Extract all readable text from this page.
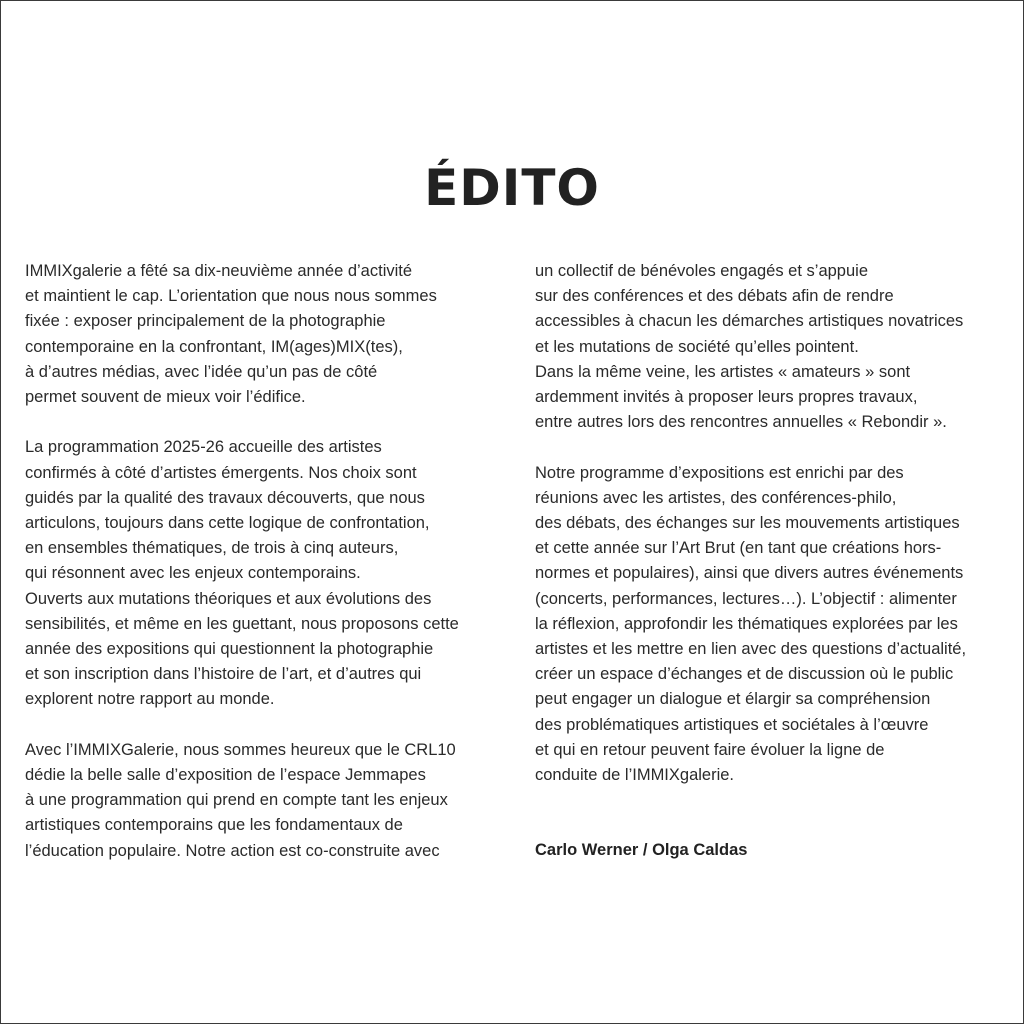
ÉDITO
IMMIXgalerie a fêté sa dix-neuvième année d’activité
et maintient le cap. L’orientation que nous nous sommes
fixée : exposer principalement de la photographie
contemporaine en la confrontant, IM(ages)MIX(tes),
à d’autres médias, avec l’idée qu’un pas de côté
permet souvent de mieux voir l’édifice.
La programmation 2025-26 accueille des artistes
confirmés à côté d’artistes émergents. Nos choix sont
guidés par la qualité des travaux découverts, que nous
articulons, toujours dans cette logique de confrontation,
en ensembles thématiques, de trois à cinq auteurs,
qui résonnent avec les enjeux contemporains.
Ouverts aux mutations théoriques et aux évolutions des
sensibilités, et même en les guettant, nous proposons cette
année des expositions qui questionnent la photographie
et son inscription dans l’histoire de l’art, et d’autres qui
explorent notre rapport au monde.
Avec l’IMMIXGalerie, nous sommes heureux que le CRL10
dédie la belle salle d’exposition de l’espace Jemmapes
à une programmation qui prend en compte tant les enjeux
artistiques contemporains que les fondamentaux de
l’éducation populaire. Notre action est co-construite avec
un collectif de bénévoles engagés et s’appuie
sur des conférences et des débats afin de rendre
accessibles à chacun les démarches artistiques novatrices
et les mutations de société qu’elles pointent.
Dans la même veine, les artistes « amateurs » sont
ardemment invités à proposer leurs propres travaux,
entre autres lors des rencontres annuelles « Rebondir ».
Notre programme d’expositions est enrichi par des
réunions avec les artistes, des conférences-philo,
des débats, des échanges sur les mouvements artistiques
et cette année sur l’Art Brut (en tant que créations hors-
normes et populaires), ainsi que divers autres événements
(concerts, performances, lectures…). L’objectif : alimenter
la réflexion, approfondir les thématiques explorées par les
artistes et les mettre en lien avec des questions d’actualité,
créer un espace d’échanges et de discussion où le public
peut engager un dialogue et élargir sa compréhension
des problématiques artistiques et sociétales à l’œuvre
et qui en retour peuvent faire évoluer la ligne de
conduite de l’IMMIXgalerie.
Carlo Werner / Olga Caldas
